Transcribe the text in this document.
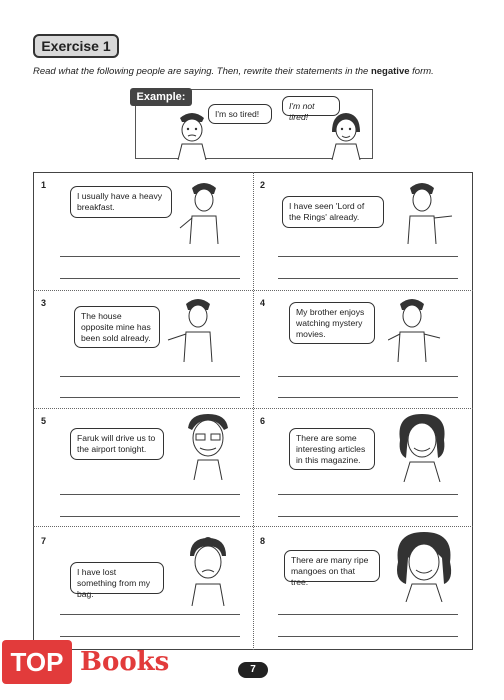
Exercise 1
Read what the following people are saying. Then, rewrite their statements in the negative form.
Example:
I'm so tired!
I'm not tired!
1
I usually have a heavy breakfast.
2
I have seen 'Lord of the Rings' already.
3
The house opposite mine has been sold already.
4
My brother enjoys watching mystery movies.
5
Faruk will drive us to the airport tonight.
6
There are some interesting articles in this magazine.
7
I have lost something from my bag.
8
There are many ripe mangoes on that tree.
7
TOP Books
